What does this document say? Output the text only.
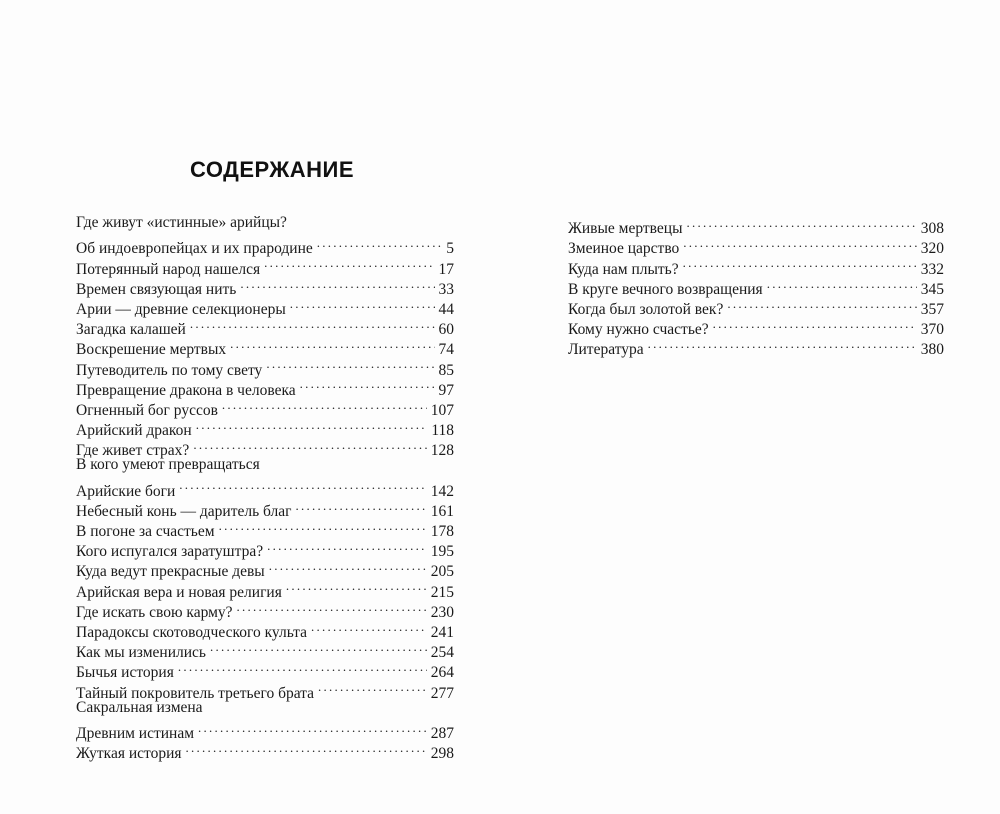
СОДЕРЖАНИЕ
Где живут «истинные» арийцы?
Об индоевропейцах и их прародине . . .	5
Потерянный народ нашелся . . .	17
Времен связующая нить . . .	33
Арии — древние селекционеры . . .	44
Загадка калашей . . .	60
Воскрешение мертвых . . .	74
Путеводитель по тому свету . . .	85
Превращение дракона в человека . . .	97
Огненный бог руссов . . .	107
Арийский дракон . . .	118
Где живет страх? . . .	128
В кого умеют превращаться
Арийские боги . . .	142
Небесный конь — даритель благ . . .	161
В погоне за счастьем . . .	178
Кого испугался заратуштра? . . .	195
Куда ведут прекрасные девы . . .	205
Арийская вера и новая религия . . .	215
Где искать свою карму? . . .	230
Парадоксы скотоводческого культа . . .	241
Как мы изменились . . .	254
Бычья история . . .	264
Тайный покровитель третьего брата . . .	277
Сакральная измена
Древним истинам . . .	287
Жуткая история . . .	298
Живые мертвецы . . .	308
Змеиное царство . . .	320
Куда нам плыть? . . .	332
В круге вечного возвращения . . .	345
Когда был золотой век? . . .	357
Кому нужно счастье? . . .	370
Литература . . .	380
